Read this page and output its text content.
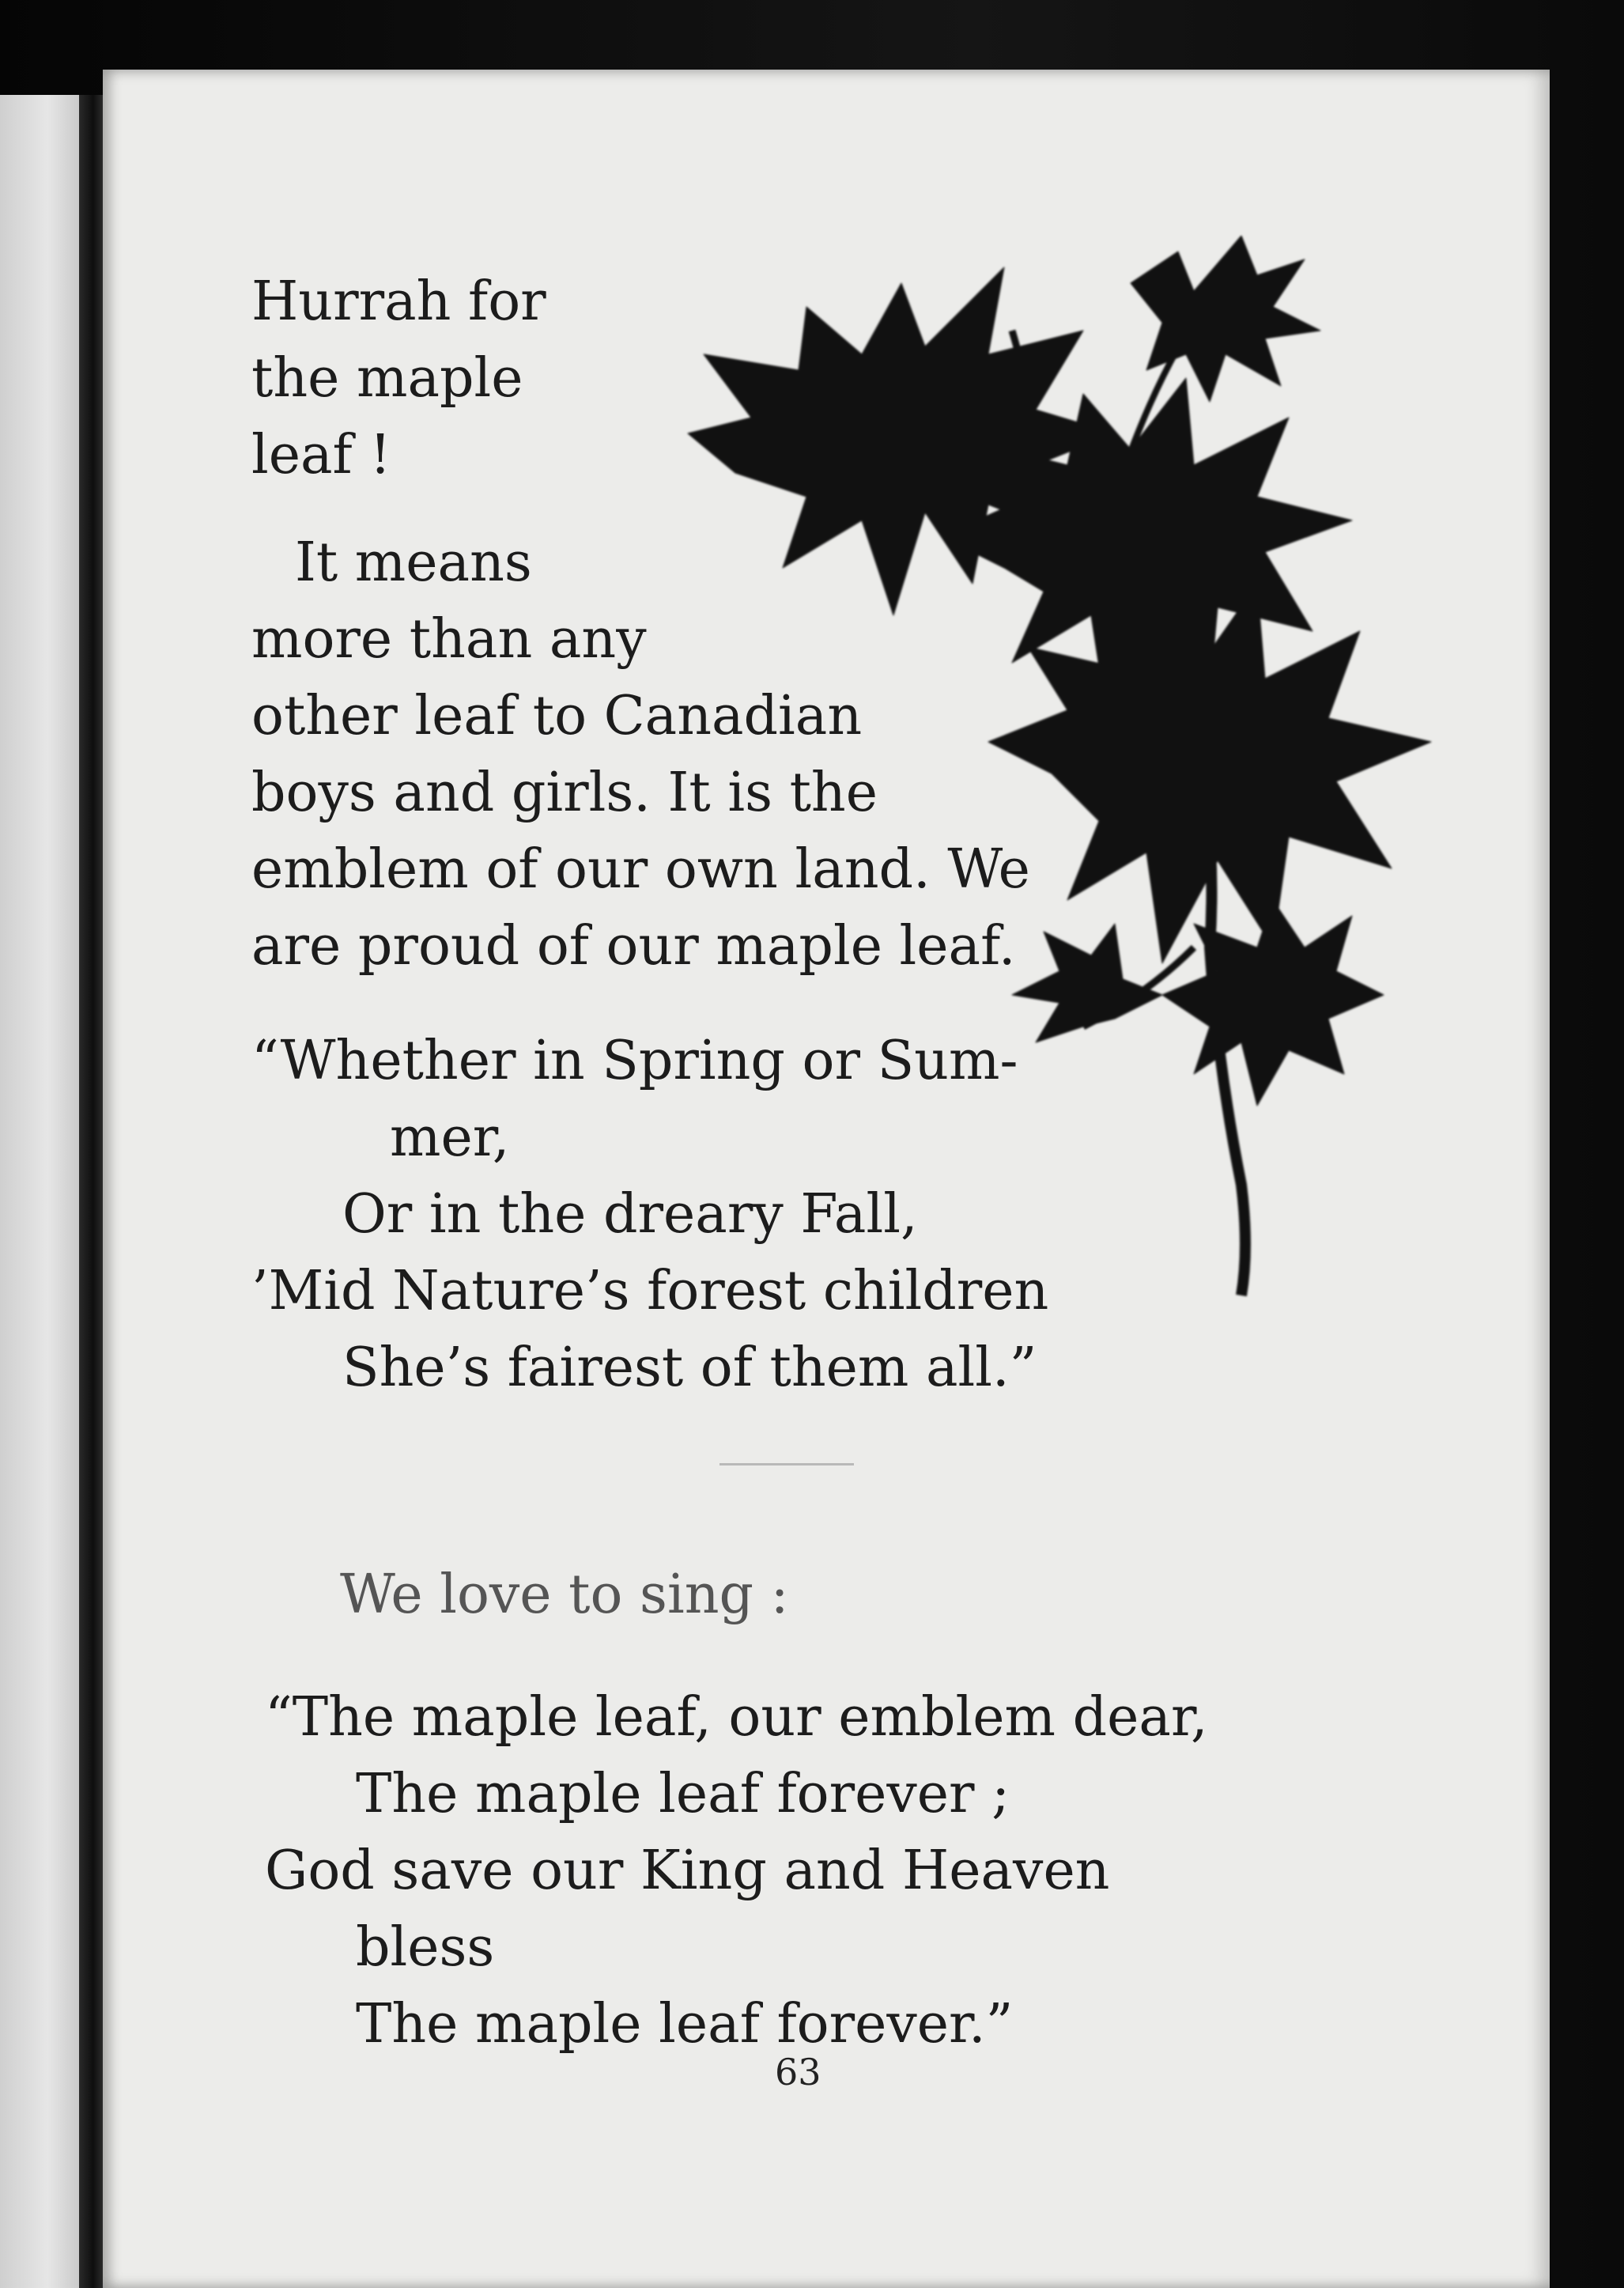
Hurrah for
the maple
leaf !

It means
more than any
other leaf to Canadian
boys and girls. It is the
emblem of our own land. We
are proud of our maple leaf.

“Whether in Spring or Sum-
mer,
Or in the dreary Fall,
’Mid Nature’s forest children
She’s fairest of them all.”

We love to sing :

“The maple leaf, our emblem dear,
The maple leaf forever ;
God save our King and Heaven
bless
The maple leaf forever.”

63
